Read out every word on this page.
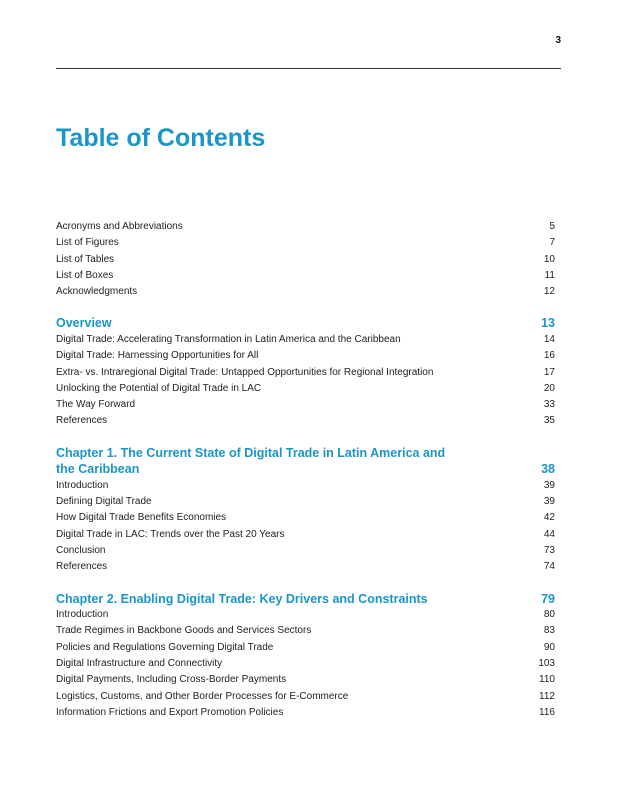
3
Table of Contents
Acronyms and Abbreviations	5
List of Figures	7
List of Tables	10
List of Boxes	11
Acknowledgments	12
Overview	13
Digital Trade: Accelerating Transformation in Latin America and the Caribbean	14
Digital Trade: Harnessing Opportunities for All	16
Extra- vs. Intraregional Digital Trade: Untapped Opportunities for Regional Integration	17
Unlocking the Potential of Digital Trade in LAC	20
The Way Forward	33
References	35
Chapter 1. The Current State of Digital Trade in Latin America and the Caribbean	38
Introduction	39
Defining Digital Trade	39
How Digital Trade Benefits Economies	42
Digital Trade in LAC: Trends over the Past 20 Years	44
Conclusion	73
References	74
Chapter 2. Enabling Digital Trade: Key Drivers and Constraints	79
Introduction	80
Trade Regimes in Backbone Goods and Services Sectors	83
Policies and Regulations Governing Digital Trade	90
Digital Infrastructure and Connectivity	103
Digital Payments, Including Cross-Border Payments	110
Logistics, Customs, and Other Border Processes for E-Commerce	112
Information Frictions and Export Promotion Policies	116
